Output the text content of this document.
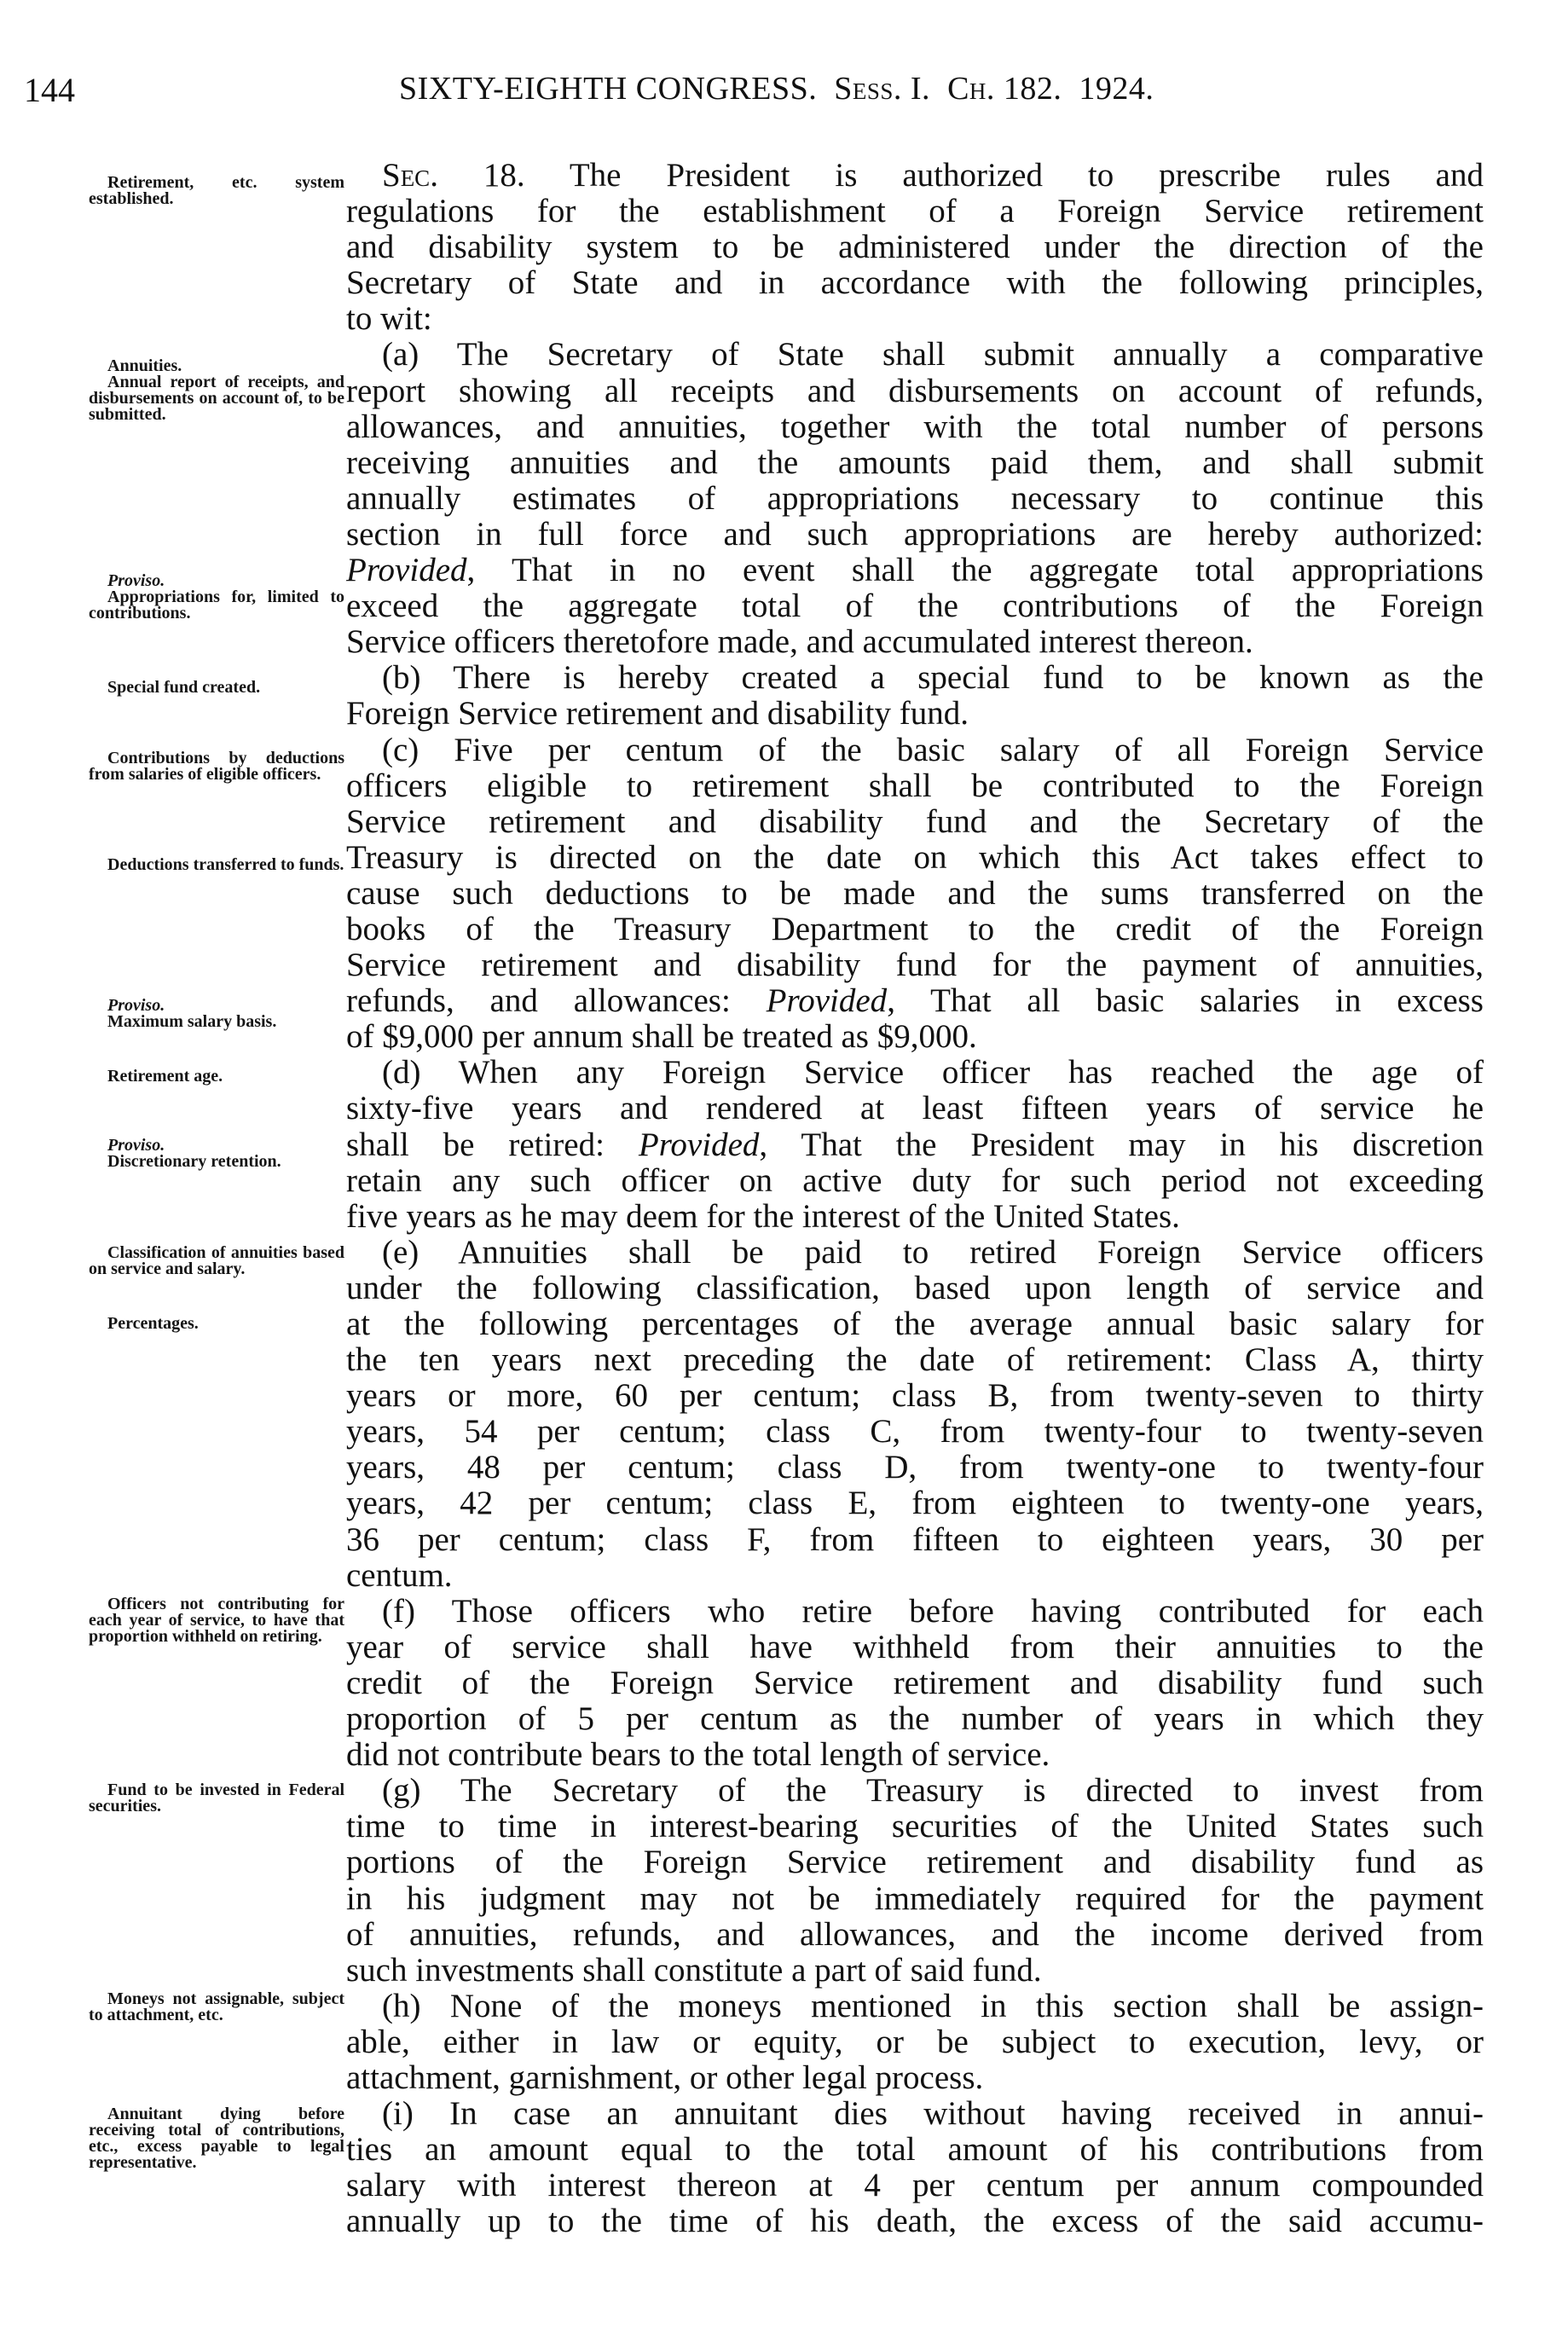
144	SIXTY-EIGHTH CONGRESS. Sess. I. Ch. 182. 1924.

Retirement, etc. system established.

Annuities.

Annual report of receipts, and disbursements on account of, to be submitted.

Proviso.

Appropriations for, limited to contributions.

Special fund created.

Contributions by deductions from salaries of eligible officers.

Deductions transferred to funds.

Proviso.

Maximum salary basis.

Retirement age.

Proviso.

Discretionary retention.

Classification of annuities based on service and salary.

Percentages.

Officers not contributing for each year of service, to have that proportion withheld on retiring.

Fund to be invested in Federal securities.

Moneys not assignable, subject to attachment, etc.

Annuitant dying before receiving total of contributions, etc., excess payable to legal representative.

Sec. 18. The President is authorized to prescribe rules and
regulations for the establishment of a Foreign Service retirement
and disability system to be administered under the direction of the
Secretary of State and in accordance with the following principles,
to wit:
(a) The Secretary of State shall submit annually a comparative
report showing all receipts and disbursements on account of refunds,
allowances, and annuities, together with the total number of persons
receiving annuities and the amounts paid them, and shall submit
annually estimates of appropriations necessary to continue this
section in full force and such appropriations are hereby authorized:
Provided, That in no event shall the aggregate total appropriations
exceed the aggregate total of the contributions of the Foreign
Service officers theretofore made, and accumulated interest thereon.
(b) There is hereby created a special fund to be known as the
Foreign Service retirement and disability fund.
(c) Five per centum of the basic salary of all Foreign Service
officers eligible to retirement shall be contributed to the Foreign
Service retirement and disability fund and the Secretary of the
Treasury is directed on the date on which this Act takes effect to
cause such deductions to be made and the sums transferred on the
books of the Treasury Department to the credit of the Foreign
Service retirement and disability fund for the payment of annuities,
refunds, and allowances: Provided, That all basic salaries in excess
of $9,000 per annum shall be treated as $9,000.
(d) When any Foreign Service officer has reached the age of
sixty-five years and rendered at least fifteen years of service he
shall be retired: Provided, That the President may in his discretion
retain any such officer on active duty for such period not exceeding
five years as he may deem for the interest of the United States.
(e) Annuities shall be paid to retired Foreign Service officers
under the following classification, based upon length of service and
at the following percentages of the average annual basic salary for
the ten years next preceding the date of retirement: Class A, thirty
years or more, 60 per centum; class B, from twenty-seven to thirty
years, 54 per centum; class C, from twenty-four to twenty-seven
years, 48 per centum; class D, from twenty-one to twenty-four
years, 42 per centum; class E, from eighteen to twenty-one years,
36 per centum; class F, from fifteen to eighteen years, 30 per
centum.
(f) Those officers who retire before having contributed for each
year of service shall have withheld from their annuities to the
credit of the Foreign Service retirement and disability fund such
proportion of 5 per centum as the number of years in which they
did not contribute bears to the total length of service.
(g) The Secretary of the Treasury is directed to invest from
time to time in interest-bearing securities of the United States such
portions of the Foreign Service retirement and disability fund as
in his judgment may not be immediately required for the payment
of annuities, refunds, and allowances, and the income derived from
such investments shall constitute a part of said fund.
(h) None of the moneys mentioned in this section shall be assign-
able, either in law or equity, or be subject to execution, levy, or
attachment, garnishment, or other legal process.
(i) In case an annuitant dies without having received in annui-
ties an amount equal to the total amount of his contributions from
salary with interest thereon at 4 per centum per annum compounded
annually up to the time of his death, the excess of the said accumu-
